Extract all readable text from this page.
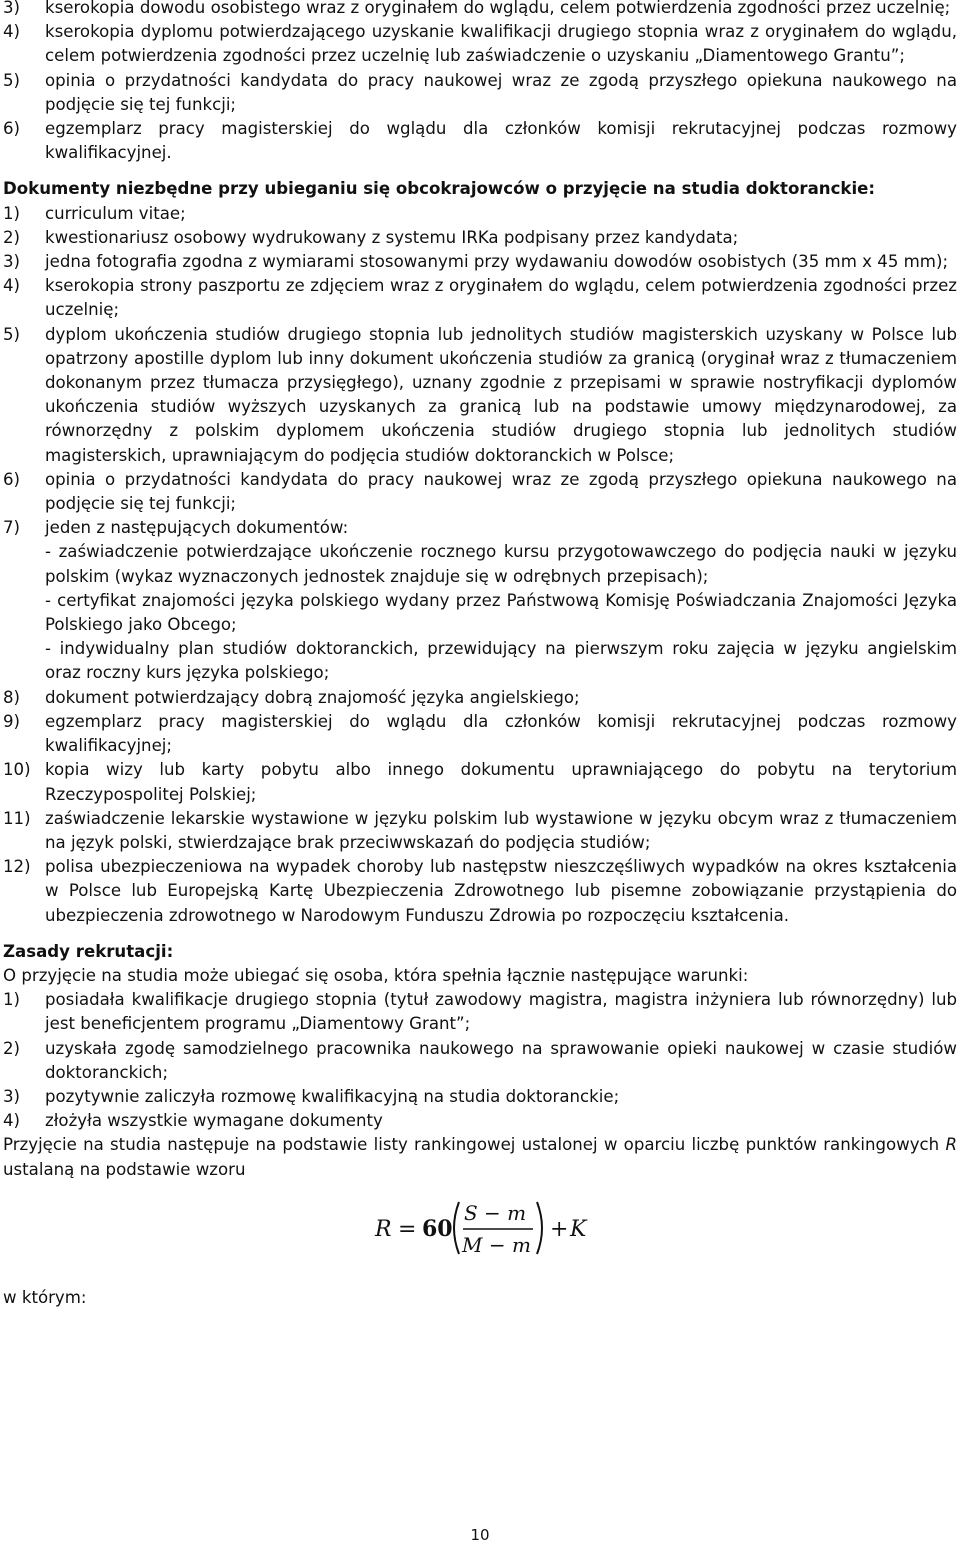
3) kserokopia dowodu osobistego wraz z oryginałem do wglądu, celem potwierdzenia zgodności przez uczelnię;
4) kserokopia dyplomu potwierdzającego uzyskanie kwalifikacji drugiego stopnia wraz z oryginałem do wglądu, celem potwierdzenia zgodności przez uczelnię lub zaświadczenie o uzyskaniu „Diamentowego Grantu”;
5) opinia o przydatności kandydata do pracy naukowej wraz ze zgodą przyszłego opiekuna naukowego na podjęcie się tej funkcji;
6) egzemplarz pracy magisterskiej do wglądu dla członków komisji rekrutacyjnej podczas rozmowy kwalifikacyjnej.
Dokumenty niezbędne przy ubieganiu się obcokrajowców o przyjęcie na studia doktoranckie:
1) curriculum vitae;
2) kwestionariusz osobowy wydrukowany z systemu IRKa podpisany przez kandydata;
3) jedna fotografia zgodna z wymiarami stosowanymi przy wydawaniu dowodów osobistych (35 mm x 45 mm);
4) kserokopia strony paszportu ze zdjęciem wraz z oryginałem do wglądu, celem potwierdzenia zgodności przez uczelnię;
5) dyplom ukończenia studiów drugiego stopnia lub jednolitych studiów magisterskich uzyskany w Polsce lub opatrzony apostille dyplom lub inny dokument ukończenia studiów za granicą (oryginał wraz z tłumaczeniem dokonanym przez tłumacza przysięgłego), uznany zgodnie z przepisami w sprawie nostryfikacji dyplomów ukończenia studiów wyższych uzyskanych za granicą lub na podstawie umowy międzynarodowej, za równorzędny z polskim dyplomem ukończenia studiów drugiego stopnia lub jednolitych studiów magisterskich, uprawniającym do podjęcia studiów doktoranckich w Polsce;
6) opinia o przydatności kandydata do pracy naukowej wraz ze zgodą przyszłego opiekuna naukowego na podjęcie się tej funkcji;
7) jeden z następujących dokumentów:
- zaświadczenie potwierdzające ukończenie rocznego kursu przygotowawczego do podjęcia nauki w języku polskim (wykaz wyznaczonych jednostek znajduje się w odrębnych przepisach);
- certyfikat znajomości języka polskiego wydany przez Państwową Komisję Poświadczania Znajomości Języka Polskiego jako Obcego;
- indywidualny plan studiów doktoranckich, przewidujący na pierwszym roku zajęcia w języku angielskim oraz roczny kurs języka polskiego;
8) dokument potwierdzający dobrą znajomość języka angielskiego;
9) egzemplarz pracy magisterskiej do wglądu dla członków komisji rekrutacyjnej podczas rozmowy kwalifikacyjnej;
10) kopia wizy lub karty pobytu albo innego dokumentu uprawniającego do pobytu na terytorium Rzeczypospolitej Polskiej;
11) zaświadczenie lekarskie wystawione w języku polskim lub wystawione w języku obcym wraz z tłumaczeniem na język polski, stwierdzające brak przeciwwskazań do podjęcia studiów;
12) polisa ubezpieczeniowa na wypadek choroby lub następstw nieszczęśliwych wypadków na okres kształcenia w Polsce lub Europejską Kartę Ubezpieczenia Zdrowotnego lub pisemne zobowiązanie przystąpienia do ubezpieczenia zdrowotnego w Narodowym Funduszu Zdrowia po rozpoczęciu kształcenia.
Zasady rekrutacji:
O przyjęcie na studia może ubiegać się osoba, która spełnia łącznie następujące warunki:
1) posiadała kwalifikacje drugiego stopnia (tytuł zawodowy magistra, magistra inżyniera lub równorzędny) lub jest beneficjentem programu „Diamentowy Grant”;
2) uzyskała zgodę samodzielnego pracownika naukowego na sprawowanie opieki naukowej w czasie studiów doktoranckich;
3) pozytywnie zaliczyła rozmowę kwalifikacyjną na studia doktoranckie;
4) złożyła wszystkie wymagane dokumenty
Przyjęcie na studia następuje na podstawie listy rankingowej ustalonej w oparciu liczbę punktów rankingowych R ustalaną na podstawie wzoru
R = 60
S − m
M − m
+ K
w którym:
10
